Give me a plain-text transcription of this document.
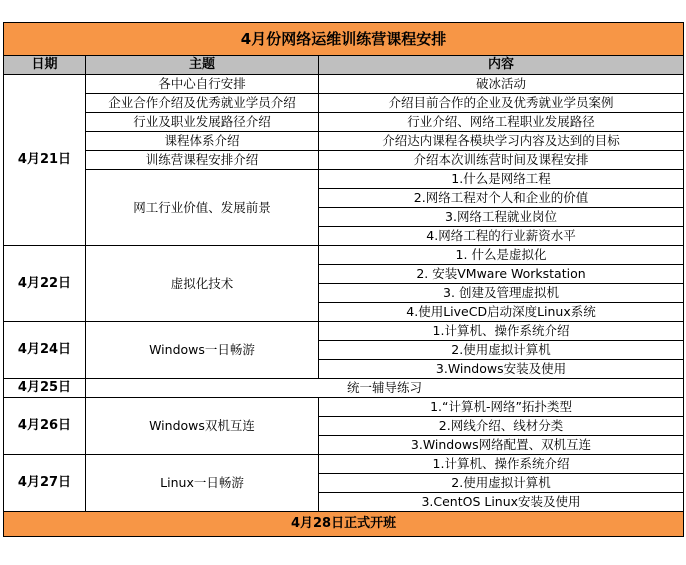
4月份网络运维训练营课程安排		
日期	主题	内容
4月21日	各中心自行安排	破冰活动
	企业合作介绍及优秀就业学员介绍	介绍目前合作的企业及优秀就业学员案例
	行业及职业发展路径介绍	行业介绍、网络工程职业发展路径
	课程体系介绍	介绍达内课程各模块学习内容及达到的目标
	训练营课程安排介绍	介绍本次训练营时间及课程安排
	网工行业价值、发展前景	1.什么是网络工程
		2.网络工程对个人和企业的价值
		3.网络工程就业岗位
		4.网络工程的行业薪资水平
4月22日	虚拟化技术	1. 什么是虚拟化
		2. 安装VMware Workstation
		3. 创建及管理虚拟机
		4.使用LiveCD启动深度Linux系统
4月24日	Windows一日畅游	1.计算机、操作系统介绍
		2.使用虚拟计算机
		3.Windows安装及使用
4月25日	统一辅导练习	
4月26日	Windows双机互连	1.“计算机-网络”拓扑类型
		2.网线介绍、线材分类
		3.Windows网络配置、双机互连
4月27日	Linux一日畅游	1.计算机、操作系统介绍
		2.使用虚拟计算机
		3.CentOS Linux安装及使用
4月28日正式开班		
